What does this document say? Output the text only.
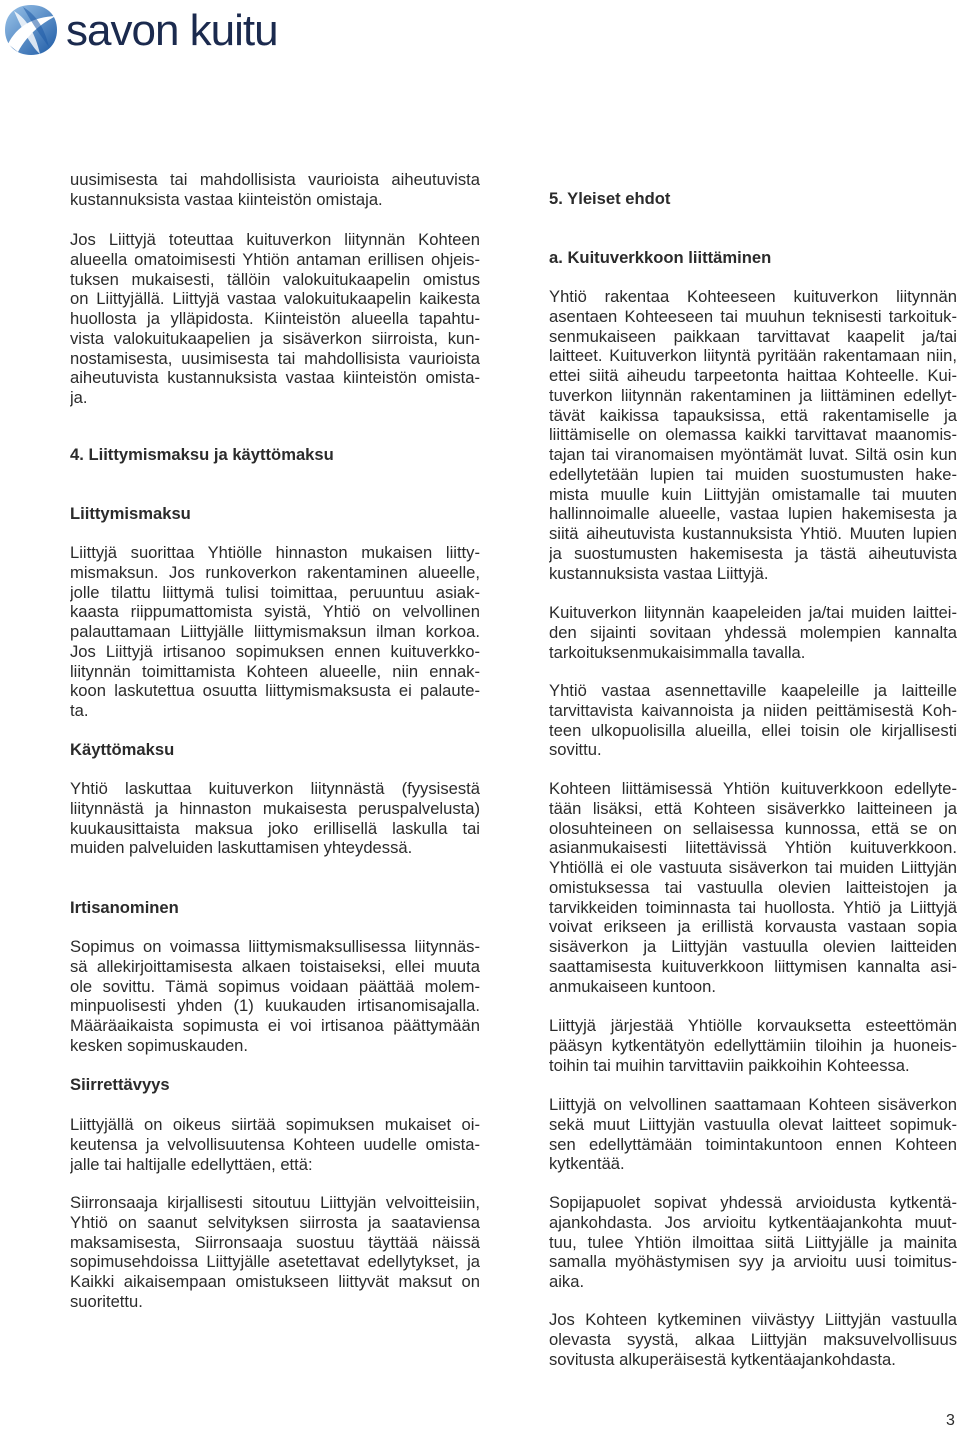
savon kuitu
uusimisesta tai mahdollisista vaurioista aiheutuvista
kustannuksista vastaa kiinteistön omistaja.
Jos Liittyjä toteuttaa kuituverkon liitynnän Kohteen
alueella omatoimisesti Yhtiön antaman erillisen ohjeis-
tuksen mukaisesti, tällöin valokuitukaapelin omistus
on Liittyjällä. Liittyjä vastaa valokuitukaapelin kaikesta
huollosta ja ylläpidosta. Kiinteistön alueella tapahtu-
vista valokuitukaapelien ja sisäverkon siirroista, kun-
nostamisesta, uusimisesta tai mahdollisista vaurioista
aiheutuvista kustannuksista vastaa kiinteistön omista-
ja.
4. Liittymismaksu ja käyttömaksu
Liittymismaksu
Liittyjä suorittaa Yhtiölle hinnaston mukaisen liitty-
mismaksun. Jos runkoverkon rakentaminen alueelle,
jolle tilattu liittymä tulisi toimittaa, peruuntuu asiak-
kaasta riippumattomista syistä, Yhtiö on velvollinen
palauttamaan Liittyjälle liittymismaksun ilman korkoa.
Jos Liittyjä irtisanoo sopimuksen ennen kuituverkko-
liitynnän toimittamista Kohteen alueelle, niin ennak-
koon laskutettua osuutta liittymismaksusta ei palaute-
ta.
Käyttömaksu
Yhtiö laskuttaa kuituverkon liitynnästä (fyysisestä
liitynnästä ja hinnaston mukaisesta peruspalvelusta)
kuukausittaista maksua joko erillisellä laskulla tai
muiden palveluiden laskuttamisen yhteydessä.
Irtisanominen
Sopimus on voimassa liittymismaksullisessa liitynnäs-
sä allekirjoittamisesta alkaen toistaiseksi, ellei muuta
ole sovittu. Tämä sopimus voidaan päättää molem-
minpuolisesti yhden (1) kuukauden irtisanomisajalla.
Määräaikaista sopimusta ei voi irtisanoa päättymään
kesken sopimuskauden.
Siirrettävyys
Liittyjällä on oikeus siirtää sopimuksen mukaiset oi-
keutensa ja velvollisuutensa Kohteen uudelle omista-
jalle tai haltijalle edellyttäen, että:
Siirronsaaja kirjallisesti sitoutuu Liittyjän velvoitteisiin,
Yhtiö on saanut selvityksen siirrosta ja saataviensa
maksamisesta, Siirronsaaja suostuu täyttää näissä
sopimusehdoissa Liittyjälle asetettavat edellytykset, ja
Kaikki aikaisempaan omistukseen liittyvät maksut on
suoritettu.
5. Yleiset ehdot
a. Kuituverkkoon liittäminen
Yhtiö rakentaa Kohteeseen kuituverkon liitynnän
asentaen Kohteeseen tai muuhun teknisesti tarkoituk-
senmukaiseen paikkaan tarvittavat kaapelit ja/tai
laitteet. Kuituverkon liityntä pyritään rakentamaan niin,
ettei siitä aiheudu tarpeetonta haittaa Kohteelle. Kui-
tuverkon liitynnän rakentaminen ja liittäminen edellyt-
tävät kaikissa tapauksissa, että rakentamiselle ja
liittämiselle on olemassa kaikki tarvittavat maanomis-
tajan tai viranomaisen myöntämät luvat. Siltä osin kun
edellytetään lupien tai muiden suostumusten hake-
mista muulle kuin Liittyjän omistamalle tai muuten
hallinnoimalle alueelle, vastaa lupien hakemisesta ja
siitä aiheutuvista kustannuksista Yhtiö. Muuten lupien
ja suostumusten hakemisesta ja tästä aiheutuvista
kustannuksista vastaa Liittyjä.
Kuituverkon liitynnän kaapeleiden ja/tai muiden laittei-
den sijainti sovitaan yhdessä molempien kannalta
tarkoituksenmukaisimmalla tavalla.
Yhtiö vastaa asennettaville kaapeleille ja laitteille
tarvittavista kaivannoista ja niiden peittämisestä Koh-
teen ulkopuolisilla alueilla, ellei toisin ole kirjallisesti
sovittu.
Kohteen liittämisessä Yhtiön kuituverkkoon edellyte-
tään lisäksi, että Kohteen sisäverkko laitteineen ja
olosuhteineen on sellaisessa kunnossa, että se on
asianmukaisesti liitettävissä Yhtiön kuituverkkoon.
Yhtiöllä ei ole vastuuta sisäverkon tai muiden Liittyjän
omistuksessa tai vastuulla olevien laitteistojen ja
tarvikkeiden toiminnasta tai huollosta. Yhtiö ja Liittyjä
voivat erikseen ja erillistä korvausta vastaan sopia
sisäverkon ja Liittyjän vastuulla olevien laitteiden
saattamisesta kuituverkkoon liittymisen kannalta asi-
anmukaiseen kuntoon.
Liittyjä järjestää Yhtiölle korvauksetta esteettömän
pääsyn kytkentätyön edellyttämiin tiloihin ja huoneis-
toihin tai muihin tarvittaviin paikkoihin Kohteessa.
Liittyjä on velvollinen saattamaan Kohteen sisäverkon
sekä muut Liittyjän vastuulla olevat laitteet sopimuk-
sen edellyttämään toimintakuntoon ennen Kohteen
kytkentää.
Sopijapuolet sopivat yhdessä arvioidusta kytkentä-
ajankohdasta. Jos arvioitu kytkentäajankohta muut-
tuu, tulee Yhtiön ilmoittaa siitä Liittyjälle ja mainita
samalla myöhästymisen syy ja arvioitu uusi toimitus-
aika.
Jos Kohteen kytkeminen viivästyy Liittyjän vastuulla
olevasta syystä, alkaa Liittyjän maksuvelvollisuus
sovitusta alkuperäisestä kytkentäajankohdasta.
3
